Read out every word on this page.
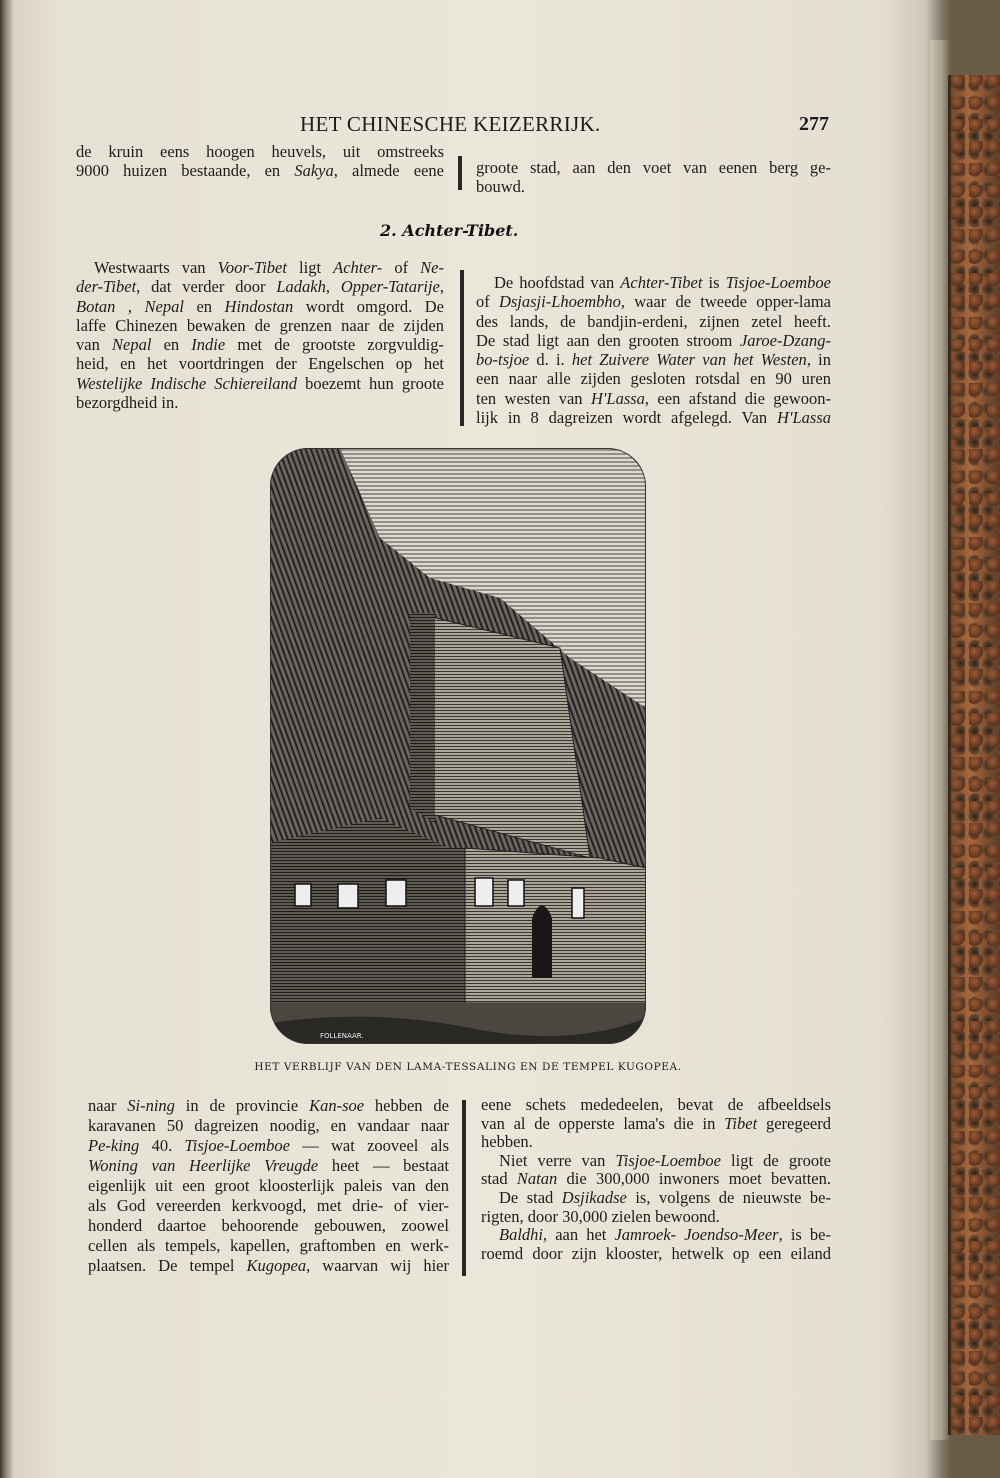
HET CHINESCHE KEIZERRIJK.	277
de kruin eens hoogen heuvels, uit omstreeks
9000 huizen bestaande, en Sakya, almede eene groote stad, aan den voet van eenen berg ge-
bouwd.
2. Achter-Tibet.
Westwaarts van Voor-Tibet ligt Achter- of Ne-
der-Tibet, dat verder door Ladakh, Opper-Tatarije,
Botan , Nepal en Hindostan wordt omgord. De
laffe Chinezen bewaken de grenzen naar de zijden
van Nepal en Indie met de grootste zorgvuldig-
heid, en het voortdringen der Engelschen op het
Westelijke Indische Schiereiland boezemt hun groote
bezorgdheid in.
De hoofdstad van Achter-Tibet is Tisjoe-Loemboe
of Dsjasji-Lhoembho, waar de tweede opper-lama
des lands, de bandjin-erdeni, zijnen zetel heeft.
De stad ligt aan den grooten stroom Jaroe-Dzang-
bo-tsjoe d. i. het Zuivere Water van het Westen, in
een naar alle zijden gesloten rotsdal en 90 uren
ten westen van H'Lassa, een afstand die gewoon-
lijk in 8 dagreizen wordt afgelegd. Van H'Lassa
FOLLENAAR.
HET VERBLIJF VAN DEN LAMA-TESSALING EN DE TEMPEL KUGOPEA.
naar Si-ning in de provincie Kan-soe hebben de
karavanen 50 dagreizen noodig, en vandaar naar
Pe-king 40. Tisjoe-Loemboe — wat zooveel als
Woning van Heerlijke Vreugde heet — bestaat
eigenlijk uit een groot kloosterlijk paleis van den
als God vereerden kerkvoogd, met drie- of vier-
honderd daartoe behoorende gebouwen, zoowel
cellen als tempels, kapellen, graftomben en werk-
plaatsen. De tempel Kugopea, waarvan wij hier
eene schets mededeelen, bevat de afbeeldsels
van al de opperste lama's die in Tibet geregeerd
hebben.
Niet verre van Tisjoe-Loemboe ligt de groote
stad Natan die 300,000 inwoners moet bevatten.
De stad Dsjikadse is, volgens de nieuwste be-
rigten, door 30,000 zielen bewoond.
Baldhi, aan het Jamroek- Joendso-Meer, is be-
roemd door zijn klooster, hetwelk op een eiland
